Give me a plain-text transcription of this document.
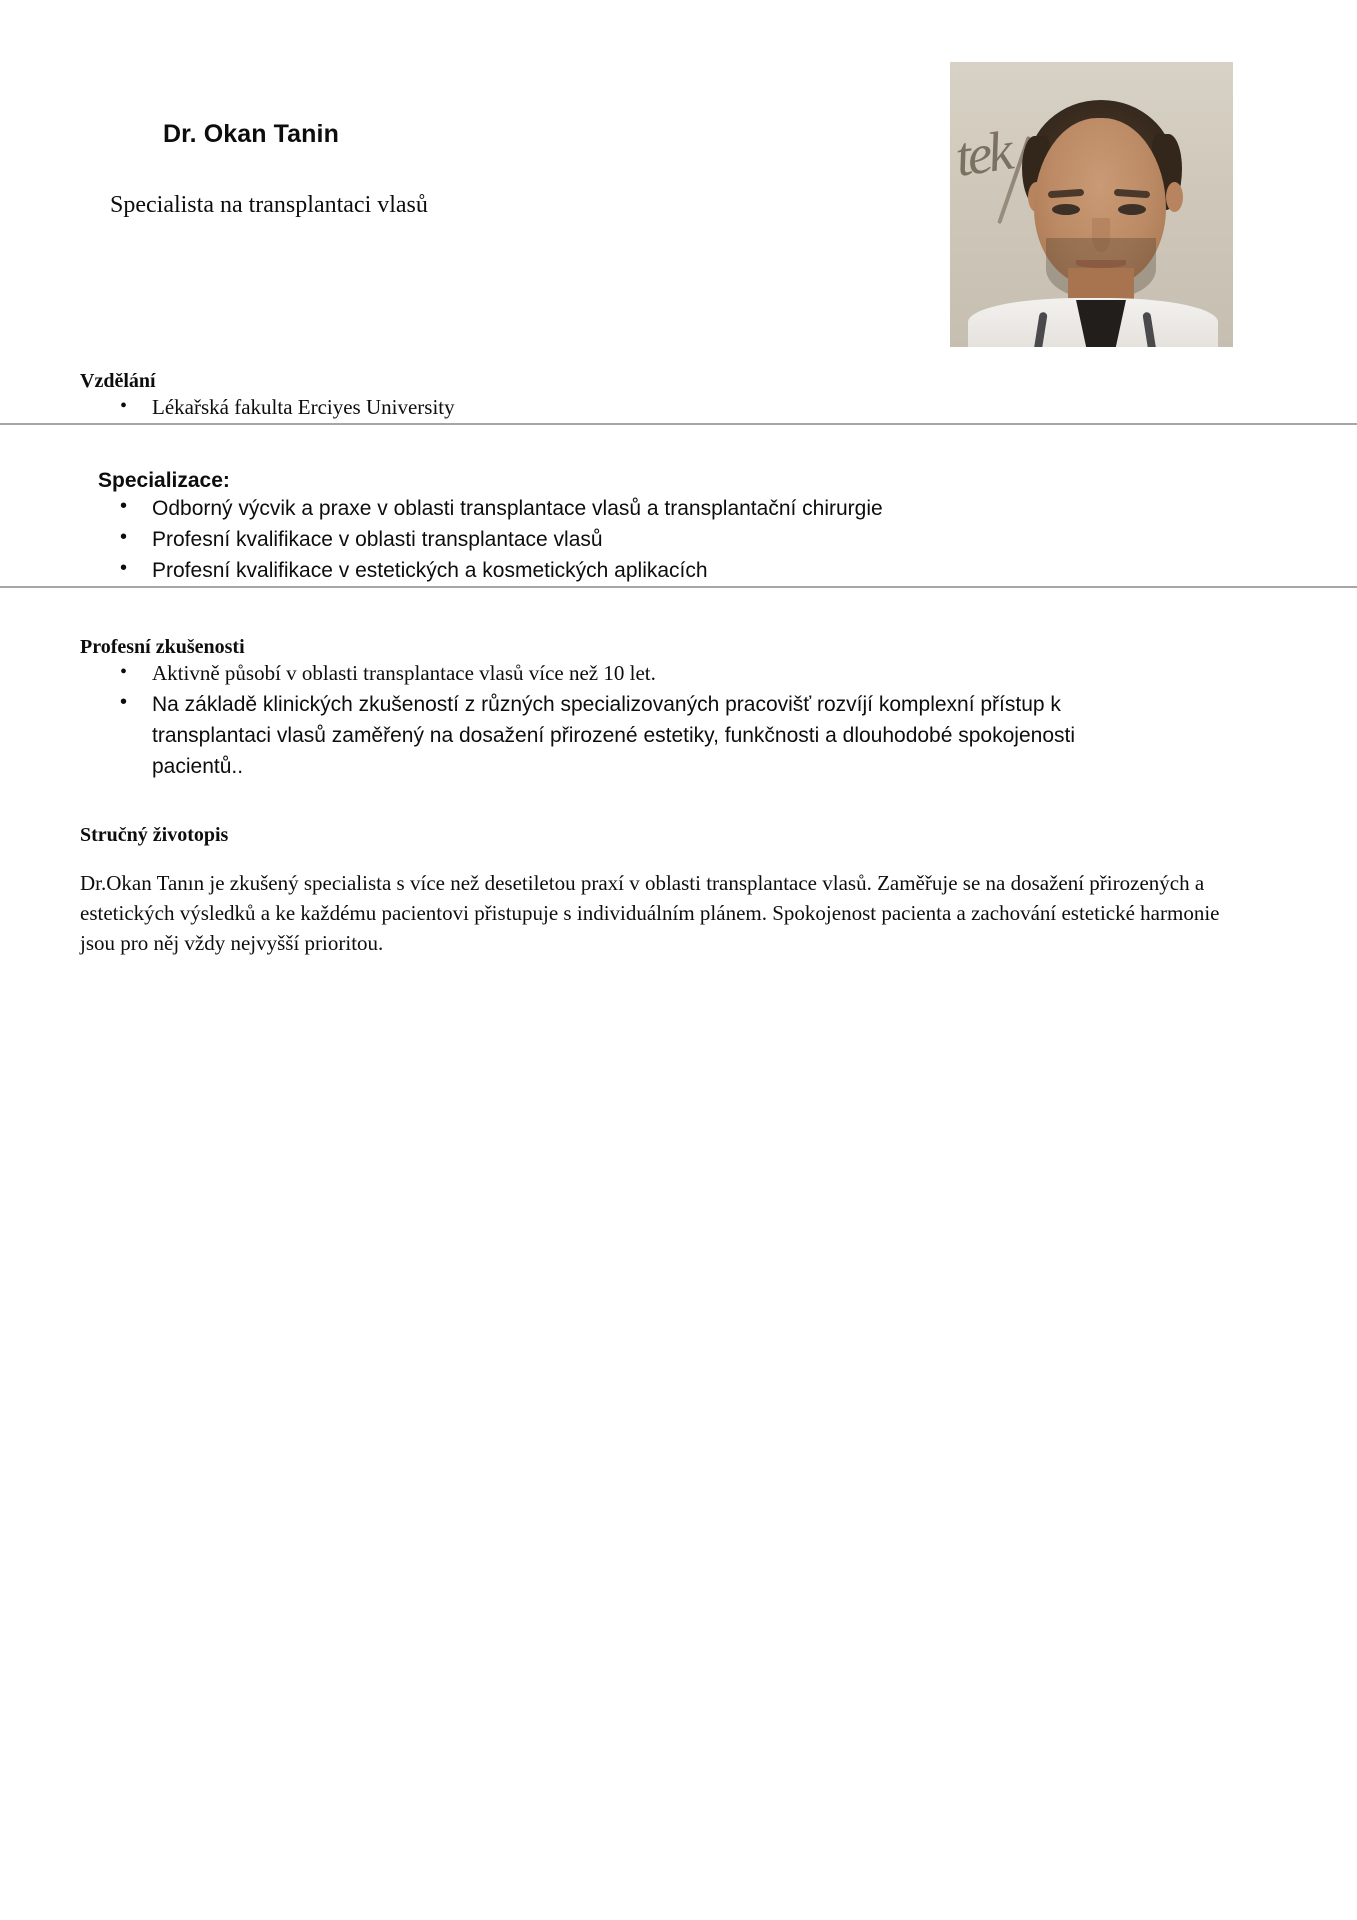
Dr. Okan Tanin
Specialista na transplantaci vlasů
tek
Vzdělání
• Lékařská fakulta Erciyes University
Specializace:
• Odborný výcvik a praxe v oblasti transplantace vlasů a transplantační chirurgie
• Profesní kvalifikace v oblasti transplantace vlasů
• Profesní kvalifikace v estetických a kosmetických aplikacích
Profesní zkušenosti
• Aktivně působí v oblasti transplantace vlasů více než 10 let.
• Na základě klinických zkušeností z různých specializovaných pracovišť rozvíjí komplexní přístup k transplantaci vlasů zaměřený na dosažení přirozené estetiky, funkčnosti a dlouhodobé spokojenosti pacientů..
Stručný životopis
Dr.Okan Tanın je zkušený specialista s více než desetiletou praxí v oblasti transplantace vlasů. Zaměřuje se na dosažení přirozených a estetických výsledků a ke každému pacientovi přistupuje s individuálním plánem. Spokojenost pacienta a zachování estetické harmonie jsou pro něj vždy nejvyšší prioritou.
